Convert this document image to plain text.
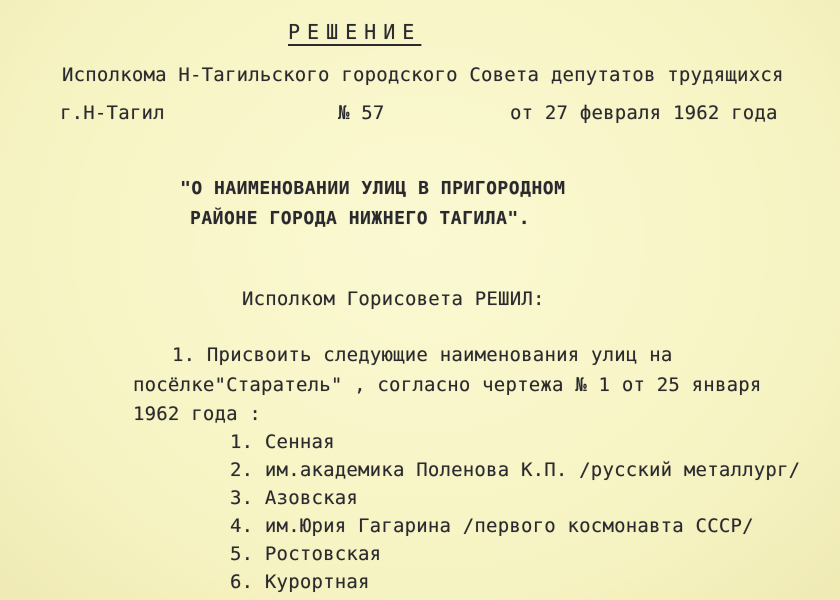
РЕШЕНИЕ
Исполкома Н-Тагильского городского Совета депутатов трудящихся
г.Н-Тагил	№ 57	от 27 февраля 1962 года
"О НАИМЕНОВАНИИ УЛИЦ В ПРИГОРОДНОМ
РАЙОНЕ ГОРОДА НИЖНЕГО ТАГИЛА".
Исполком Горисовета РЕШИЛ:
1. Присвоить следующие наименования улиц на
посёлке"Старатель" , согласно чертежа № 1 от 25 января
1962 года :
1. Сенная
2. им.академика Поленова К.П. /русский металлург/
3. Азовская
4. им.Юрия Гагарина /первого космонавта СССР/
5. Ростовская
6. Курортная
